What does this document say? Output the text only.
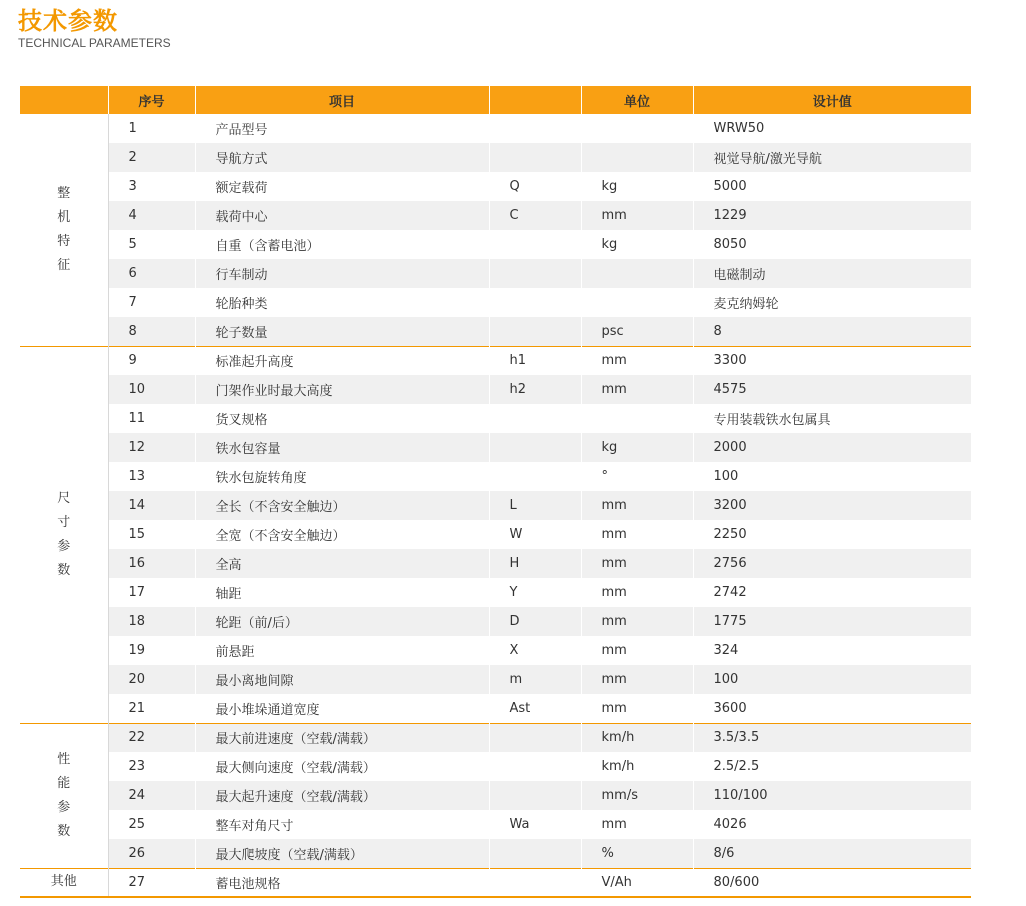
技术参数
TECHNICAL PARAMETERS
	序号	项目		单位	设计值
整机特征	1	产品型号			WRW50
	2	导航方式			视觉导航/激光导航
	3	额定载荷	Q	kg	5000
	4	载荷中心	C	mm	1229
	5	自重（含蓄电池）		kg	8050
	6	行车制动			电磁制动
	7	轮胎种类			麦克纳姆轮
	8	轮子数量		psc	8
尺寸参数	9	标准起升高度	h1	mm	3300
	10	门架作业时最大高度	h2	mm	4575
	11	货叉规格			专用装载铁水包属具
	12	铁水包容量		kg	2000
	13	铁水包旋转角度		°	100
	14	全长（不含安全触边）	L	mm	3200
	15	全宽（不含安全触边）	W	mm	2250
	16	全高	H	mm	2756
	17	轴距	Y	mm	2742
	18	轮距（前/后）	D	mm	1775
	19	前悬距	X	mm	324
	20	最小离地间隙	m	mm	100
	21	最小堆垛通道宽度	Ast	mm	3600
性能参数	22	最大前进速度（空载/满载）		km/h	3.5/3.5
	23	最大侧向速度（空载/满载）		km/h	2.5/2.5
	24	最大起升速度（空载/满载）		mm/s	110/100
	25	整车对角尺寸	Wa	mm	4026
	26	最大爬坡度（空载/满载）		%	8/6
其他	27	蓄电池规格		V/Ah	80/600
